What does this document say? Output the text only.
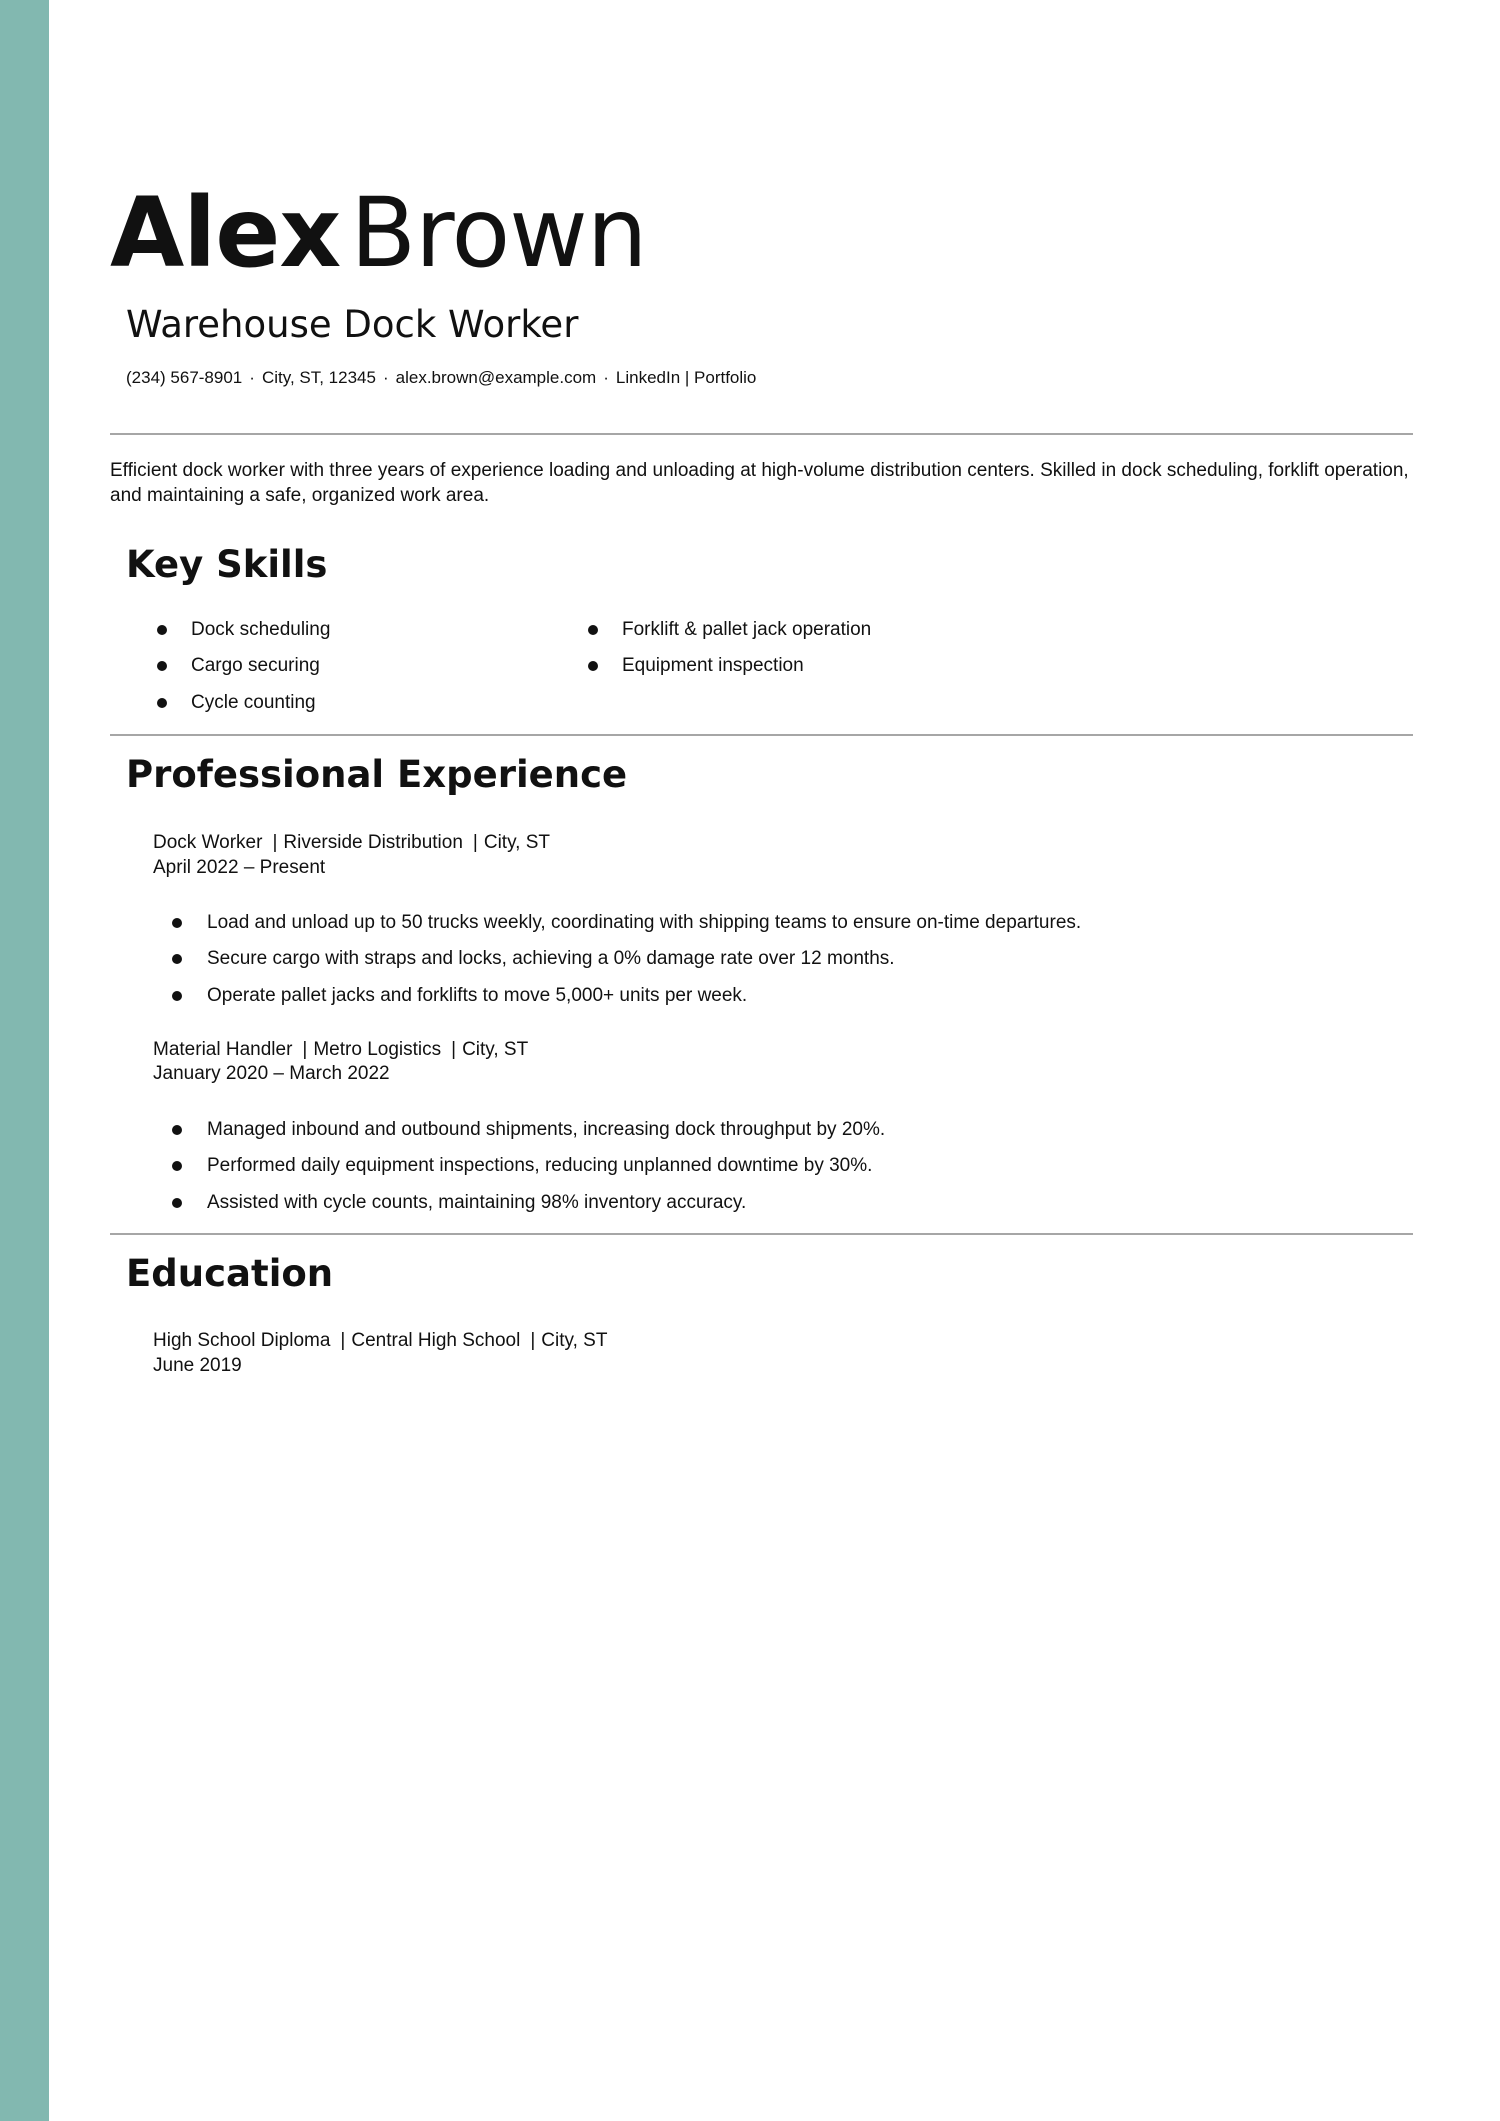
Alex Brown
Warehouse Dock Worker
(234) 567-8901 · City, ST, 12345 · alex.brown@example.com · LinkedIn | Portfolio

Efficient dock worker with three years of experience loading and unloading at high-volume distribution centers. Skilled in dock scheduling, forklift operation, and maintaining a safe, organized work area.

Key Skills
Dock scheduling	Forklift & pallet jack operation
Cargo securing	Equipment inspection
Cycle counting
Professional Experience

Dock Worker | Riverside Distribution | City, ST

April 2022 – Present

Load and unload up to 50 trucks weekly, coordinating with shipping teams to ensure on-time departures.
Secure cargo with straps and locks, achieving a 0% damage rate over 12 months.
Operate pallet jacks and forklifts to move 5,000+ units per week.

Material Handler | Metro Logistics | City, ST

January 2020 – March 2022

Managed inbound and outbound shipments, increasing dock throughput by 20%.
Performed daily equipment inspections, reducing unplanned downtime by 30%.
Assisted with cycle counts, maintaining 98% inventory accuracy.
Education

High School Diploma | Central High School | City, ST

June 2019
